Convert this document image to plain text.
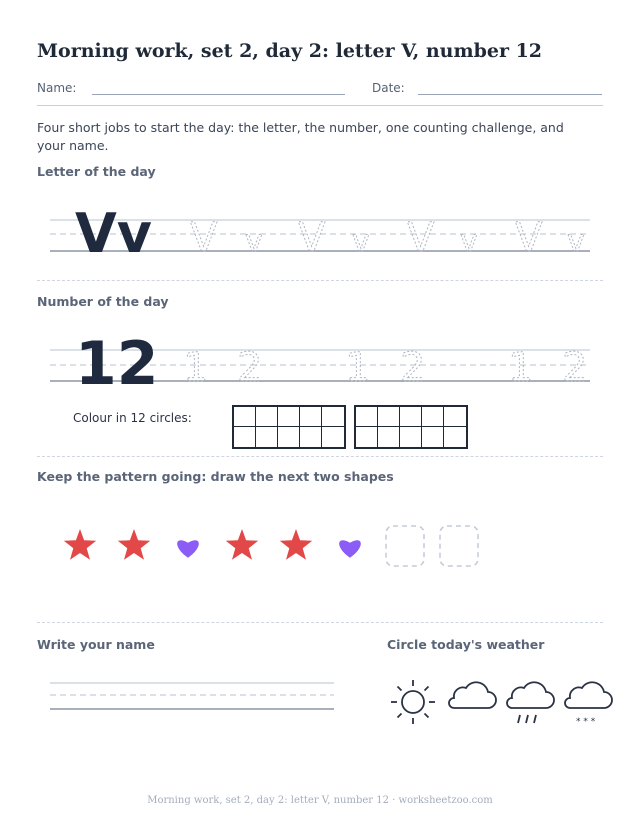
Morning work, set 2, day 2: letter V, number 12
Name:	Date:
Four short jobs to start the day: the letter, the number, one counting challenge, and your name.
Letter of the day
Vv V v V v V v V v
Number of the day
12 1 2 1 2 1 2
Colour in 12 circles:
Keep the pattern going: draw the next two shapes
Write your name	Circle today's weather
* * *
Morning work, set 2, day 2: letter V, number 12 · worksheetzoo.com
